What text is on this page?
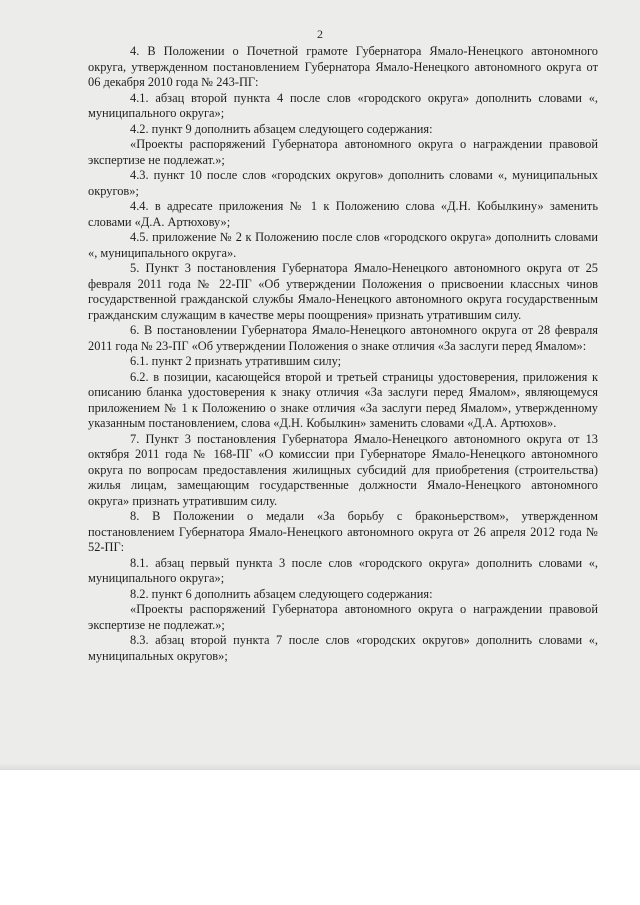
2

4. В Положении о Почетной грамоте Губернатора Ямало-Ненецкого автономного округа, утвержденном постановлением Губернатора Ямало-Ненецкого автономного округа от 06 декабря 2010 года № 243-ПГ:

4.1. абзац второй пункта 4 после слов «городского округа» дополнить словами «, муниципального округа»;

4.2. пункт 9 дополнить абзацем следующего содержания:

«Проекты распоряжений Губернатора автономного округа о награждении правовой экспертизе не подлежат.»;

4.3. пункт 10 после слов «городских округов» дополнить словами «, муниципальных округов»;

4.4. в адресате приложения № 1 к Положению слова «Д.Н. Кобылкину» заменить словами «Д.А. Артюхову»;

4.5. приложение № 2 к Положению после слов «городского округа» дополнить словами «, муниципального округа».

5. Пункт 3 постановления Губернатора Ямало-Ненецкого автономного округа от 25 февраля 2011 года № 22-ПГ «Об утверждении Положения о присвоении классных чинов государственной гражданской службы Ямало-Ненецкого автономного округа государственным гражданским служащим в качестве меры поощрения» признать утратившим силу.

6. В постановлении Губернатора Ямало-Ненецкого автономного округа от 28 февраля 2011 года № 23-ПГ «Об утверждении Положения о знаке отличия «За заслуги перед Ямалом»:

6.1. пункт 2 признать утратившим силу;

6.2. в позиции, касающейся второй и третьей страницы удостоверения, приложения к описанию бланка удостоверения к знаку отличия «За заслуги перед Ямалом», являющемуся приложением № 1 к Положению о знаке отличия «За заслуги перед Ямалом», утвержденному указанным постановлением, слова «Д.Н. Кобылкин» заменить словами «Д.А. Артюхов».

7. Пункт 3 постановления Губернатора Ямало-Ненецкого автономного округа от 13 октября 2011 года № 168-ПГ «О комиссии при Губернаторе Ямало-Ненецкого автономного округа по вопросам предоставления жилищных субсидий для приобретения (строительства) жилья лицам, замещающим государственные должности Ямало-Ненецкого автономного округа» признать утратившим силу.

8. В Положении о медали «За борьбу с браконьерством», утвержденном постановлением Губернатора Ямало-Ненецкого автономного округа от 26 апреля 2012 года № 52-ПГ:

8.1. абзац первый пункта 3 после слов «городского округа» дополнить словами «, муниципального округа»;

8.2. пункт 6 дополнить абзацем следующего содержания:

«Проекты распоряжений Губернатора автономного округа о награждении правовой экспертизе не подлежат.»;

8.3. абзац второй пункта 7 после слов «городских округов» дополнить словами «, муниципальных округов»;
